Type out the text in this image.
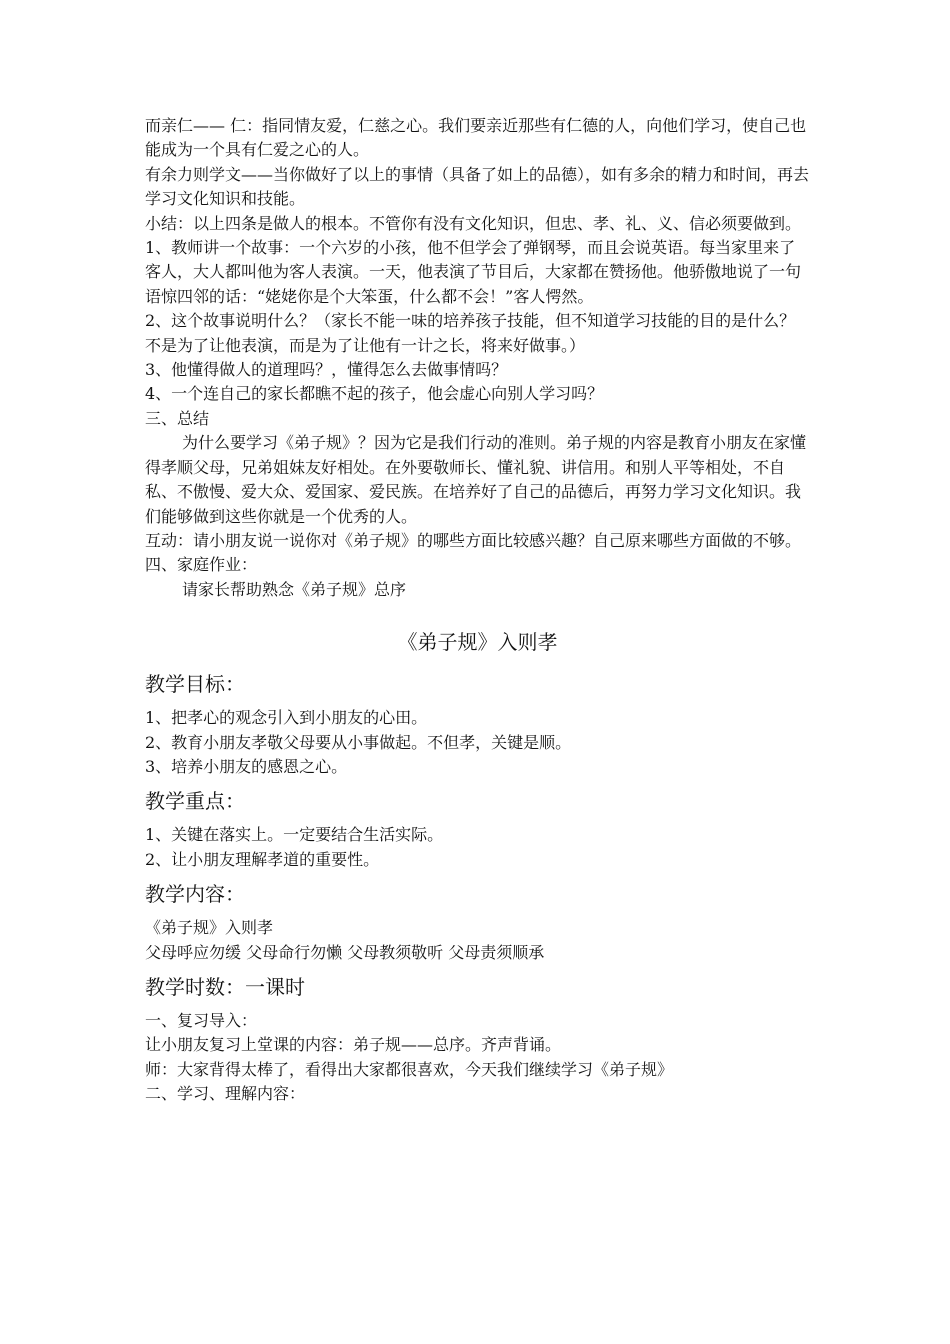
而亲仁—— 仁：指同情友爱，仁慈之心。我们要亲近那些有仁德的人，向他们学习，使自己也能成为一个具有仁爱之心的人。

有余力则学文——当你做好了以上的事情（具备了如上的品德），如有多余的精力和时间，再去学习文化知识和技能。

小结：以上四条是做人的根本。不管你有没有文化知识，但忠、孝、礼、义、信必须要做到。1、教师讲一个故事：一个六岁的小孩，他不但学会了弹钢琴，而且会说英语。每当家里来了客人，大人都叫他为客人表演。一天，他表演了节目后，大家都在赞扬他。他骄傲地说了一句语惊四邻的话：“姥姥你是个大笨蛋，什么都不会！”客人愕然。

2、这个故事说明什么？（家长不能一味的培养孩子技能，但不知道学习技能的目的是什么？不是为了让他表演，而是为了让他有一计之长，将来好做事。）

3、他懂得做人的道理吗？，懂得怎么去做事情吗？

4、一个连自己的家长都瞧不起的孩子，他会虚心向别人学习吗？

三、总结

为什么要学习《弟子规》？因为它是我们行动的准则。弟子规的内容是教育小朋友在家懂得孝顺父母，兄弟姐妹友好相处。在外要敬师长、懂礼貌、讲信用。和别人平等相处，不自私、不傲慢、爱大众、爱国家、爱民族。在培养好了自己的品德后，再努力学习文化知识。我们能够做到这些你就是一个优秀的人。

互动：请小朋友说一说你对《弟子规》的哪些方面比较感兴趣？自己原来哪些方面做的不够。

四、家庭作业：

请家长帮助熟念《弟子规》总序

《弟子规》入则孝
教学目标：

1、把孝心的观念引入到小朋友的心田。

2、教育小朋友孝敬父母要从小事做起。不但孝，关键是顺。

3、培养小朋友的感恩之心。

教学重点：

1、关键在落实上。一定要结合生活实际。

2、让小朋友理解孝道的重要性。

教学内容：

《弟子规》入则孝

父母呼应勿缓 父母命行勿懒 父母教须敬听 父母责须顺承

教学时数：一课时

一、复习导入：

让小朋友复习上堂课的内容：弟子规——总序。齐声背诵。

师：大家背得太棒了，看得出大家都很喜欢，今天我们继续学习《弟子规》

二、学习、理解内容：
